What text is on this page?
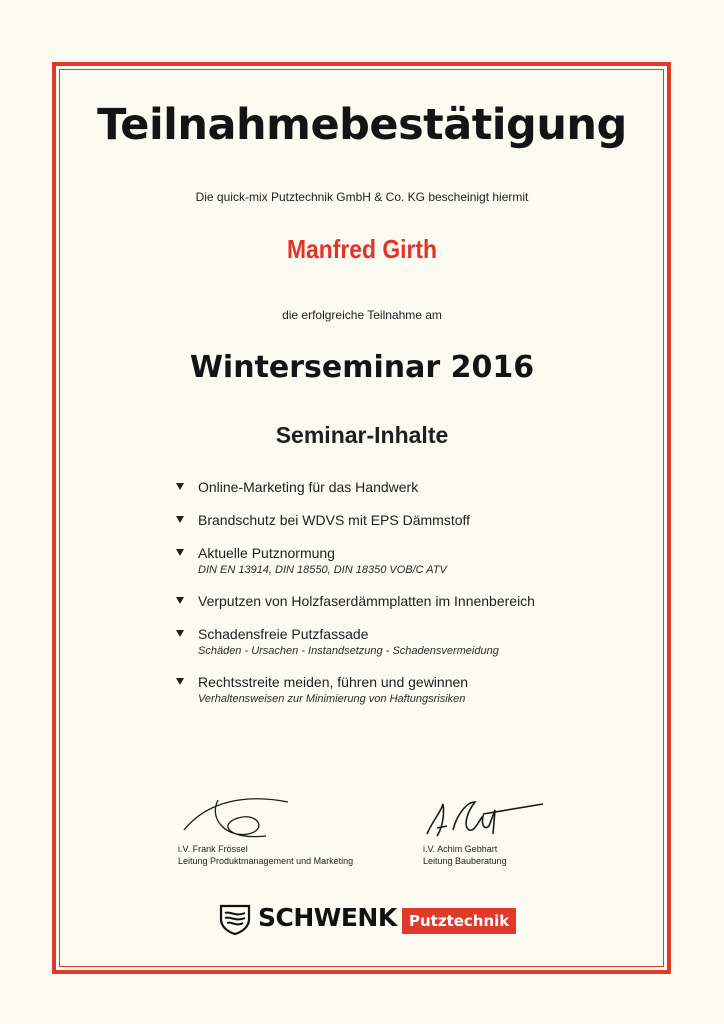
Teilnahmebestätigung
Die quick-mix Putztechnik GmbH & Co. KG bescheinigt hiermit
Manfred Girth
die erfolgreiche Teilnahme am
Winterseminar 2016
Seminar-Inhalte
Online-Marketing für das Handwerk
Brandschutz bei WDVS mit EPS Dämmstoff
Aktuelle Putznormung
DIN EN 13914, DIN 18550, DIN 18350 VOB/C ATV
Verputzen von Holzfaserdämmplatten im Innenbereich
Schadensfreie Putzfassade
Schäden - Ursachen - Instandsetzung - Schadensvermeidung
Rechtsstreite meiden, führen und gewinnen
Verhaltensweisen zur Minimierung von Haftungsrisiken
i.V. Frank Frössel
Leitung Produktmanagement und Marketing
i.V. Achim Gebhart
Leitung Bauberatung
SCHWENK Putztechnik
